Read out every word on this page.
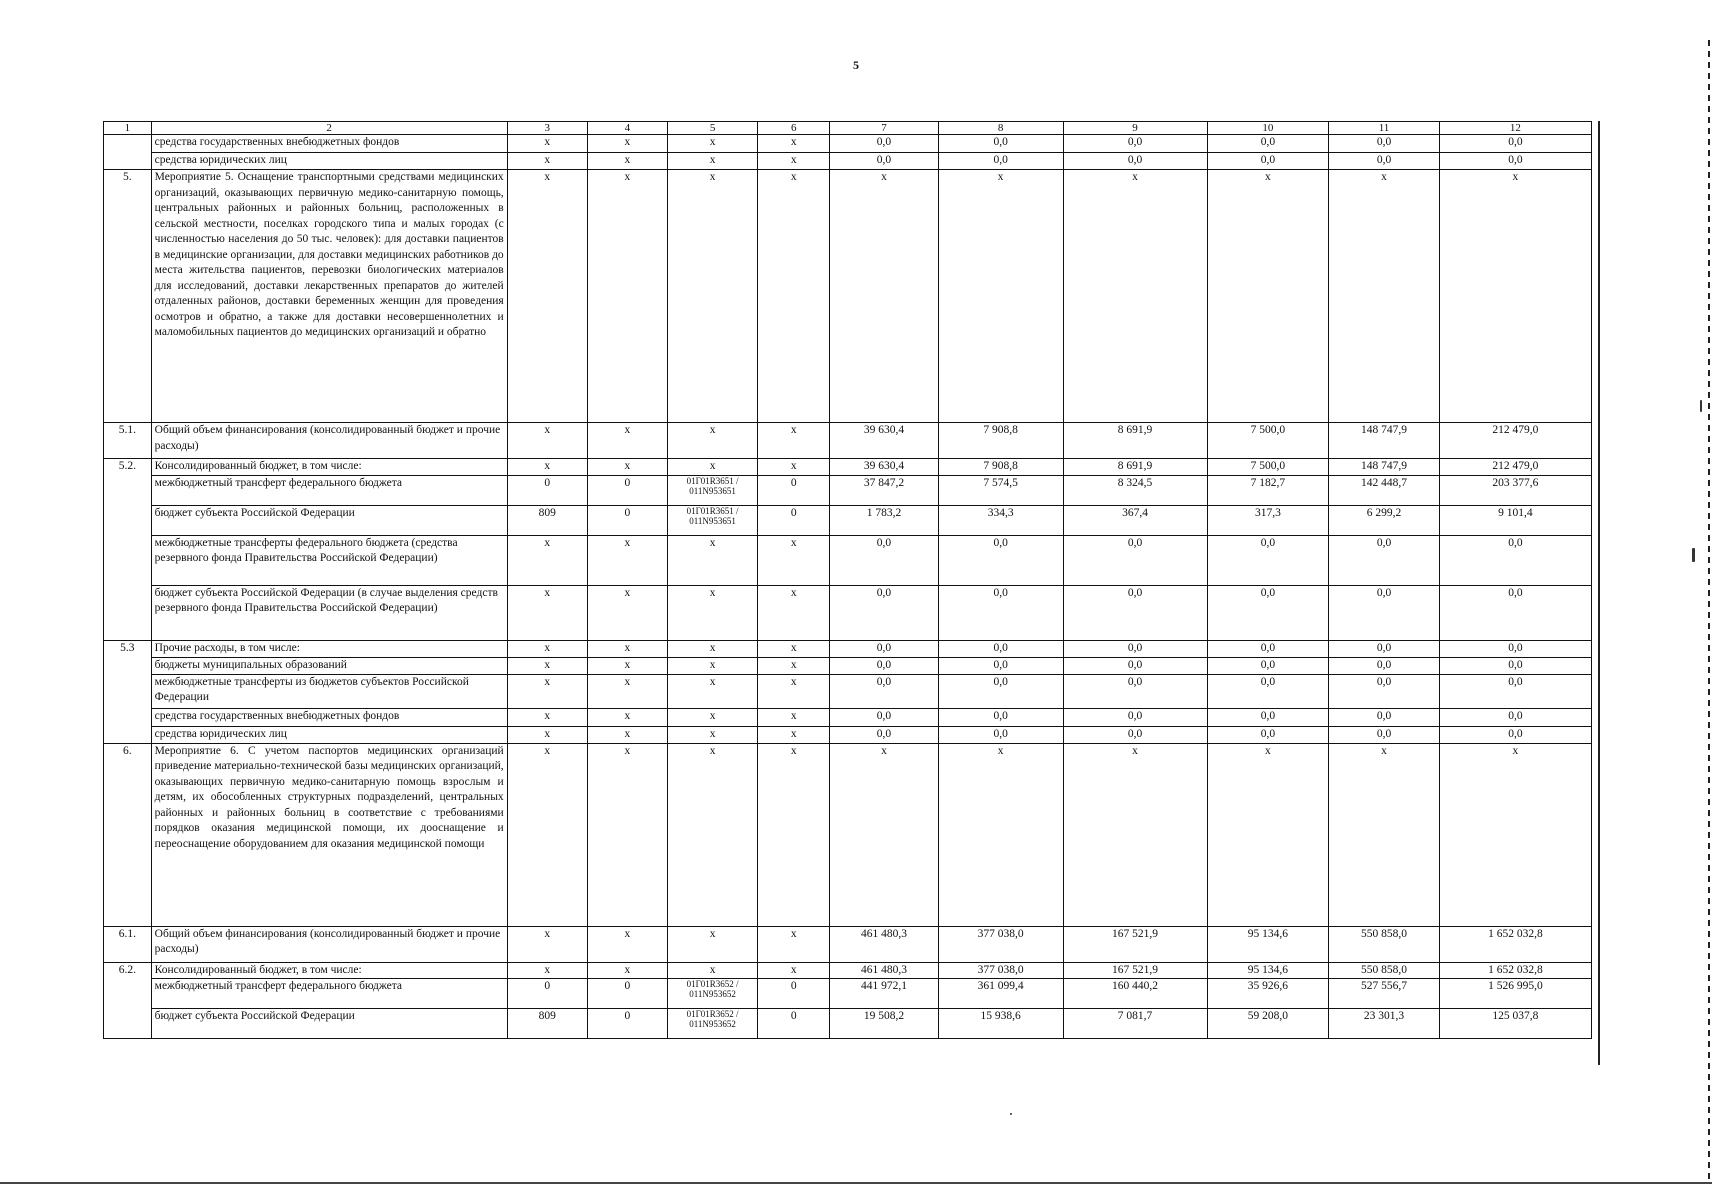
5
1	2	3	4	5	6	7	8	9	10	11	12
	средства государственных внебюджетных фондов	х	х	х	х	0,0	0,0	0,0	0,0	0,0	0,0
	средства юридических лиц	х	х	х	х	0,0	0,0	0,0	0,0	0,0	0,0
5.	Мероприятие 5. Оснащение транспортными средствами медицинских организаций, оказывающих первичную медико-санитарную помощь, центральных районных и районных больниц, расположенных в сельской местности, поселках городского типа и малых городах (с численностью населения до 50 тыс. человек): для доставки пациентов в медицинские организации, для доставки медицинских работников до места жительства пациентов, перевозки биологических материалов для исследований, доставки лекарственных препаратов до жителей отдаленных районов, доставки беременных женщин для проведения осмотров и обратно, а также для доставки несовершеннолетних и маломобильных пациентов до медицинских организаций и обратно	х	х	х	х	х	х	х	х	х	х
5.1.	Общий объем финансирования (консолидированный бюджет и прочие расходы)	х	х	х	х	39 630,4	7 908,8	8 691,9	7 500,0	148 747,9	212 479,0
5.2.	Консолидированный бюджет, в том числе:	х	х	х	х	39 630,4	7 908,8	8 691,9	7 500,0	148 747,9	212 479,0
	межбюджетный трансферт федерального бюджета	0	0	01Г01R3651 / 011N953651	0	37 847,2	7 574,5	8 324,5	7 182,7	142 448,7	203 377,6
	бюджет субъекта Российской Федерации	809	0	01Г01R3651 / 011N953651	0	1 783,2	334,3	367,4	317,3	6 299,2	9 101,4
	межбюджетные трансферты федерального бюджета (средства резервного фонда Правительства Российской Федерации)	х	х	х	х	0,0	0,0	0,0	0,0	0,0	0,0
	бюджет субъекта Российской Федерации (в случае выделения средств резервного фонда Правительства Российской Федерации)	х	х	х	х	0,0	0,0	0,0	0,0	0,0	0,0
5.3	Прочие расходы, в том числе:	х	х	х	х	0,0	0,0	0,0	0,0	0,0	0,0
	бюджеты муниципальных образований	х	х	х	х	0,0	0,0	0,0	0,0	0,0	0,0
	межбюджетные трансферты из бюджетов субъектов Российской Федерации	х	х	х	х	0,0	0,0	0,0	0,0	0,0	0,0
	средства государственных внебюджетных фондов	х	х	х	х	0,0	0,0	0,0	0,0	0,0	0,0
	средства юридических лиц	х	х	х	х	0,0	0,0	0,0	0,0	0,0	0,0
6.	Мероприятие 6. С учетом паспортов медицинских организаций приведение материально-технической базы медицинских организаций, оказывающих первичную медико-санитарную помощь взрослым и детям, их обособленных структурных подразделений, центральных районных и районных больниц в соответствие с требованиями порядков оказания медицинской помощи, их дооснащение и переоснащение оборудованием для оказания медицинской помощи	х	х	х	х	х	х	х	х	х	х
6.1.	Общий объем финансирования (консолидированный бюджет и прочие расходы)	х	х	х	х	461 480,3	377 038,0	167 521,9	95 134,6	550 858,0	1 652 032,8
6.2.	Консолидированный бюджет, в том числе:	х	х	х	х	461 480,3	377 038,0	167 521,9	95 134,6	550 858,0	1 652 032,8
	межбюджетный трансферт федерального бюджета	0	0	01Г01R3652 / 011N953652	0	441 972,1	361 099,4	160 440,2	35 926,6	527 556,7	1 526 995,0
	бюджет субъекта Российской Федерации	809	0	01Г01R3652 / 011N953652	0	19 508,2	15 938,6	7 081,7	59 208,0	23 301,3	125 037,8
